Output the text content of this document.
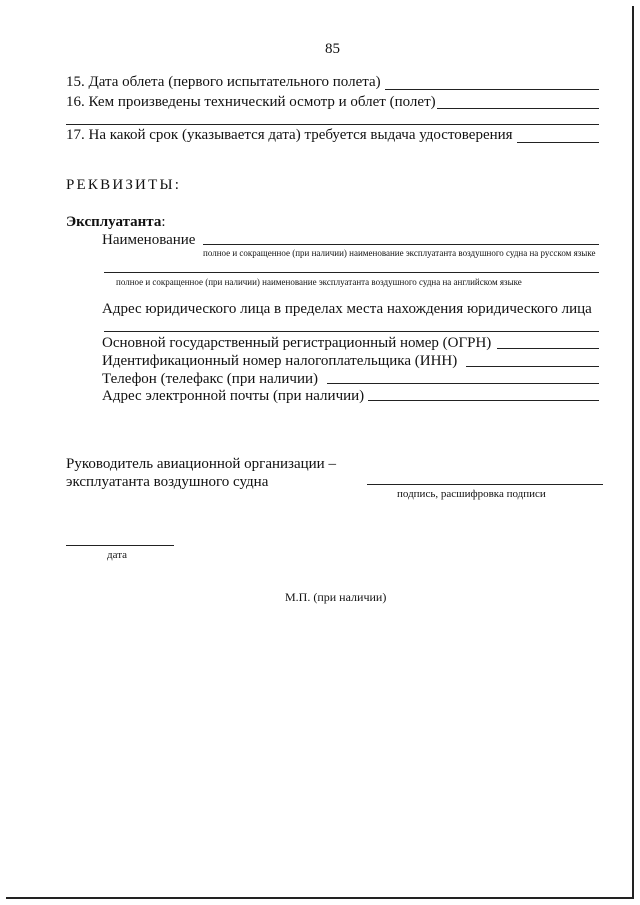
85
15. Дата облета (первого испытательного полета)
16. Кем произведены технический осмотр и облет (полет)
17. На какой срок (указывается дата) требуется выдача удостоверения
РЕКВИЗИТЫ:
Эксплуатанта:
Наименование
полное и сокращенное (при наличии) наименование эксплуатанта воздушного судна на русском языке
полное и сокращенное (при наличии) наименование эксплуатанта воздушного судна на английском языке
Адрес юридического лица в пределах места нахождения юридического лица
Основной государственный регистрационный номер (ОГРН)
Идентификационный номер налогоплательщика (ИНН)
Телефон (телефакс (при наличии)
Адрес электронной почты (при наличии)
Руководитель авиационной организации –
эксплуатанта воздушного судна
подпись, расшифровка подписи
дата
М.П. (при наличии)
